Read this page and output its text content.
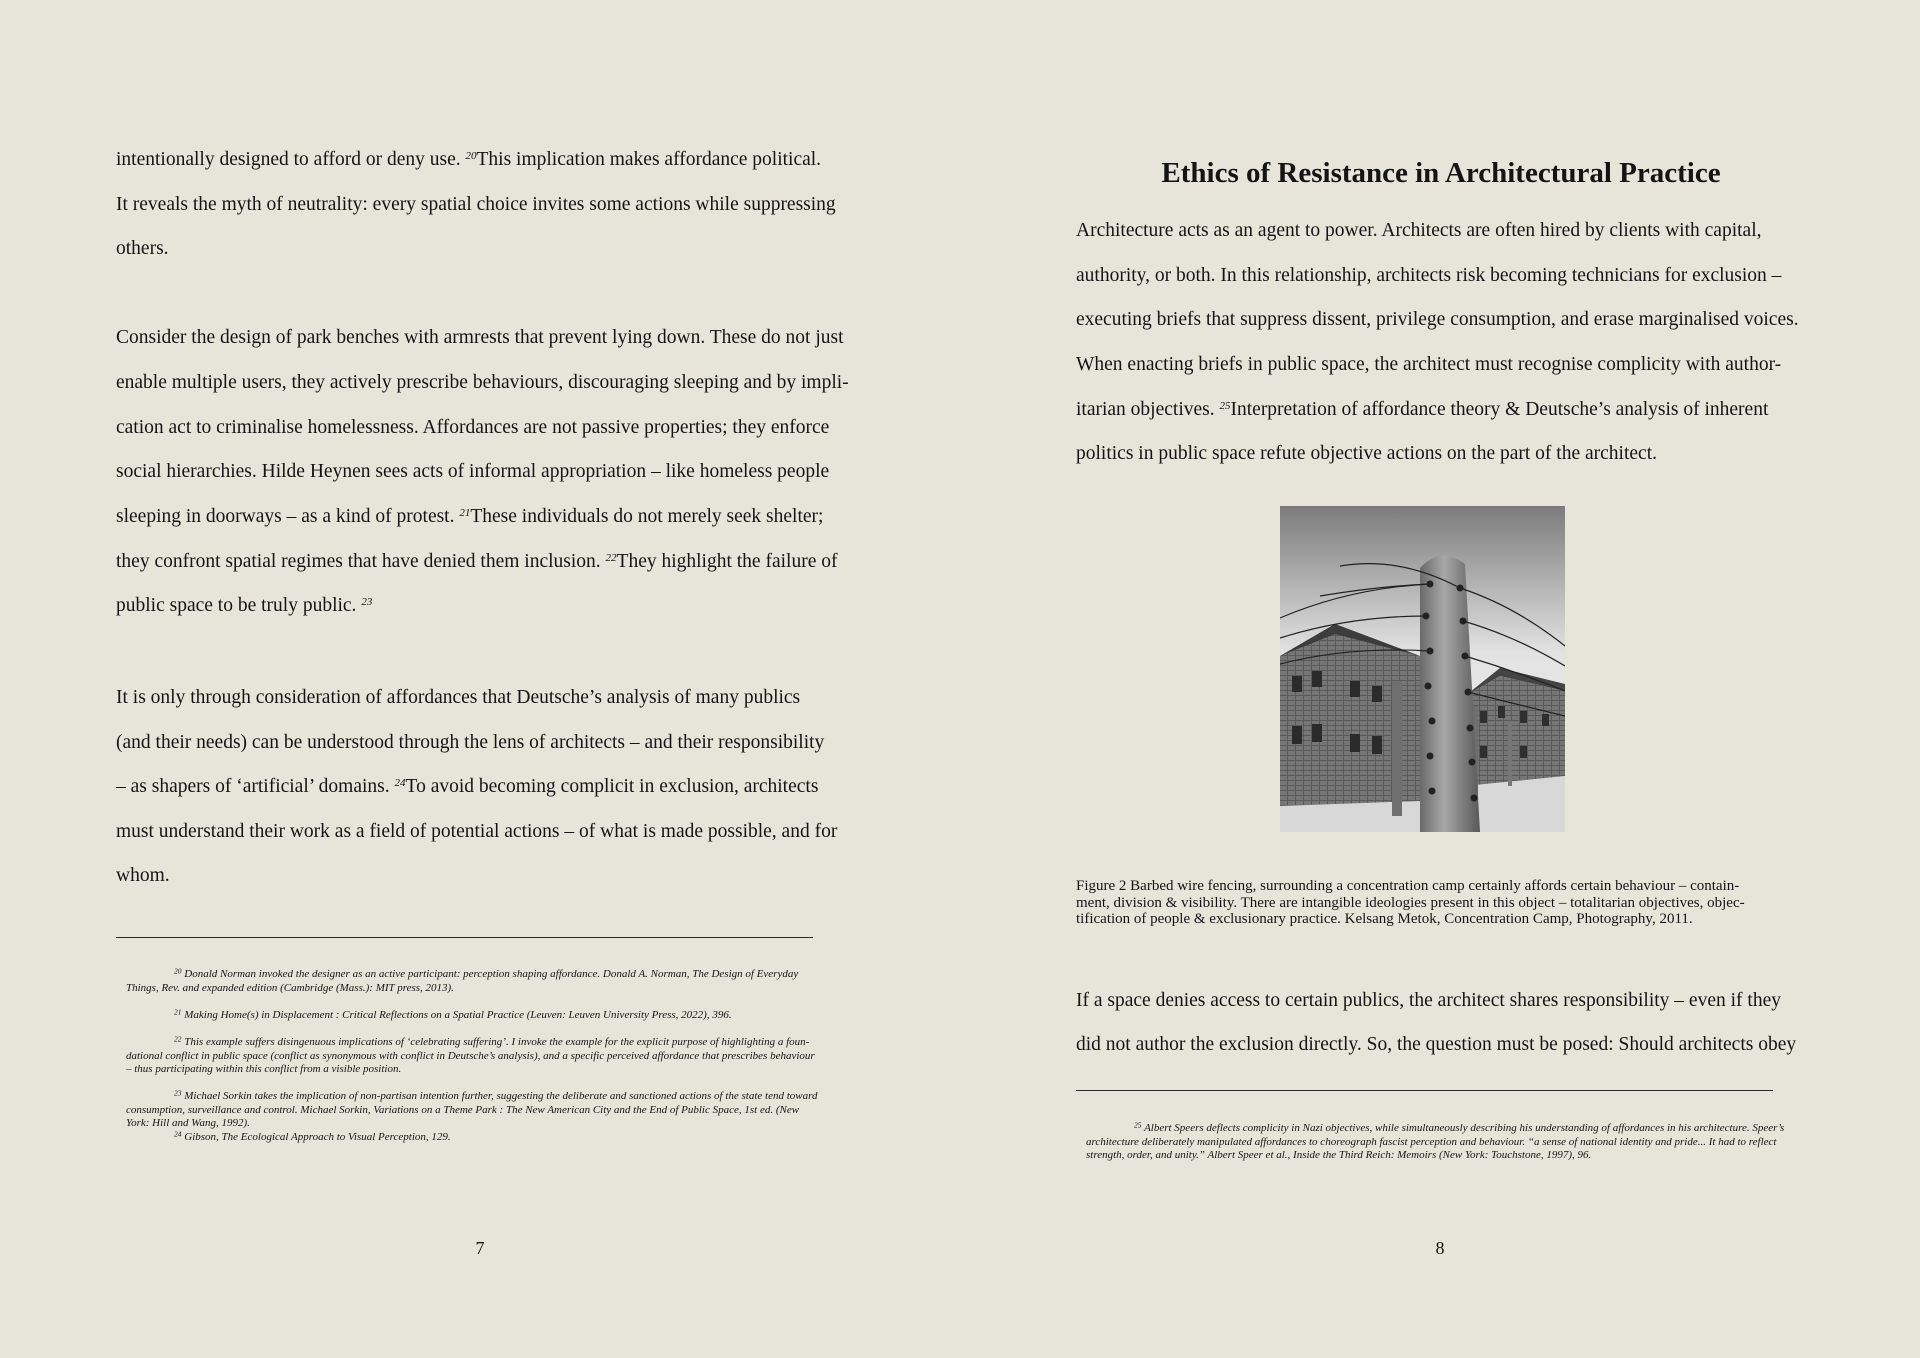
intentionally designed to afford or deny use. $^{20}$This implication makes affordance political.
It reveals the myth of neutrality: every spatial choice invites some actions while suppressing
others.
Consider the design of park benches with armrests that prevent lying down. These do not just
enable multiple users, they actively prescribe behaviours, discouraging sleeping and by impli-
cation act to criminalise homelessness. Affordances are not passive properties; they enforce
social hierarchies. Hilde Heynen sees acts of informal appropriation – like homeless people
sleeping in doorways – as a kind of protest. $^{21}$These individuals do not merely seek shelter;
they confront spatial regimes that have denied them inclusion. $^{22}$They highlight the failure of
public space to be truly public. $^{23}$
It is only through consideration of affordances that Deutsche’s analysis of many publics
(and their needs) can be understood through the lens of architects – and their responsibility
– as shapers of ‘artificial’ domains. $^{24}$To avoid becoming complicit in exclusion, architects
must understand their work as a field of potential actions – of what is made possible, and for
whom.
$^{20}$ Donald Norman invoked the designer as an active participant: perception shaping affordance. Donald A. Norman, The Design of Everyday
Things, Rev. and expanded edition (Cambridge (Mass.): MIT press, 2013).
$^{21}$ Making Home(s) in Displacement : Critical Reflections on a Spatial Practice (Leuven: Leuven University Press, 2022), 396.
$^{22}$ This example suffers disingenuous implications of ‘celebrating suffering’. I invoke the example for the explicit purpose of highlighting a foun-
dational conflict in public space (conflict as synonymous with conflict in Deutsche’s analysis), and a specific perceived affordance that prescribes behaviour
– thus participating within this conflict from a visible position.
$^{23}$ Michael Sorkin takes the implication of non-partisan intention further, suggesting the deliberate and sanctioned actions of the state tend toward
consumption, surveillance and control. Michael Sorkin, Variations on a Theme Park : The New American City and the End of Public Space, 1st ed. (New
York: Hill and Wang, 1992).
$^{24}$ Gibson, The Ecological Approach to Visual Perception, 129.
7
Ethics of Resistance in Architectural Practice
Architecture acts as an agent to power. Architects are often hired by clients with capital,
authority, or both. In this relationship, architects risk becoming technicians for exclusion –
executing briefs that suppress dissent, privilege consumption, and erase marginalised voices.
When enacting briefs in public space, the architect must recognise complicity with author-
itarian objectives. $^{25}$Interpretation of affordance theory & Deutsche’s analysis of inherent
politics in public space refute objective actions on the part of the architect.
Figure 2 Barbed wire fencing, surrounding a concentration camp certainly affords certain behaviour – contain-
ment, division & visibility. There are intangible ideologies present in this object – totalitarian objectives, objec-
tification of people & exclusionary practice. Kelsang Metok, Concentration Camp, Photography, 2011.
If a space denies access to certain publics, the architect shares responsibility – even if they
did not author the exclusion directly. So, the question must be posed: Should architects obey
$^{25}$ Albert Speers deflects complicity in Nazi objectives, while simultaneously describing his understanding of affordances in his architecture. Speer’s
architecture deliberately manipulated affordances to choreograph fascist perception and behaviour. “a sense of national identity and pride... It had to reflect
strength, order, and unity.” Albert Speer et al., Inside the Third Reich: Memoirs (New York: Touchstone, 1997), 96.
8
